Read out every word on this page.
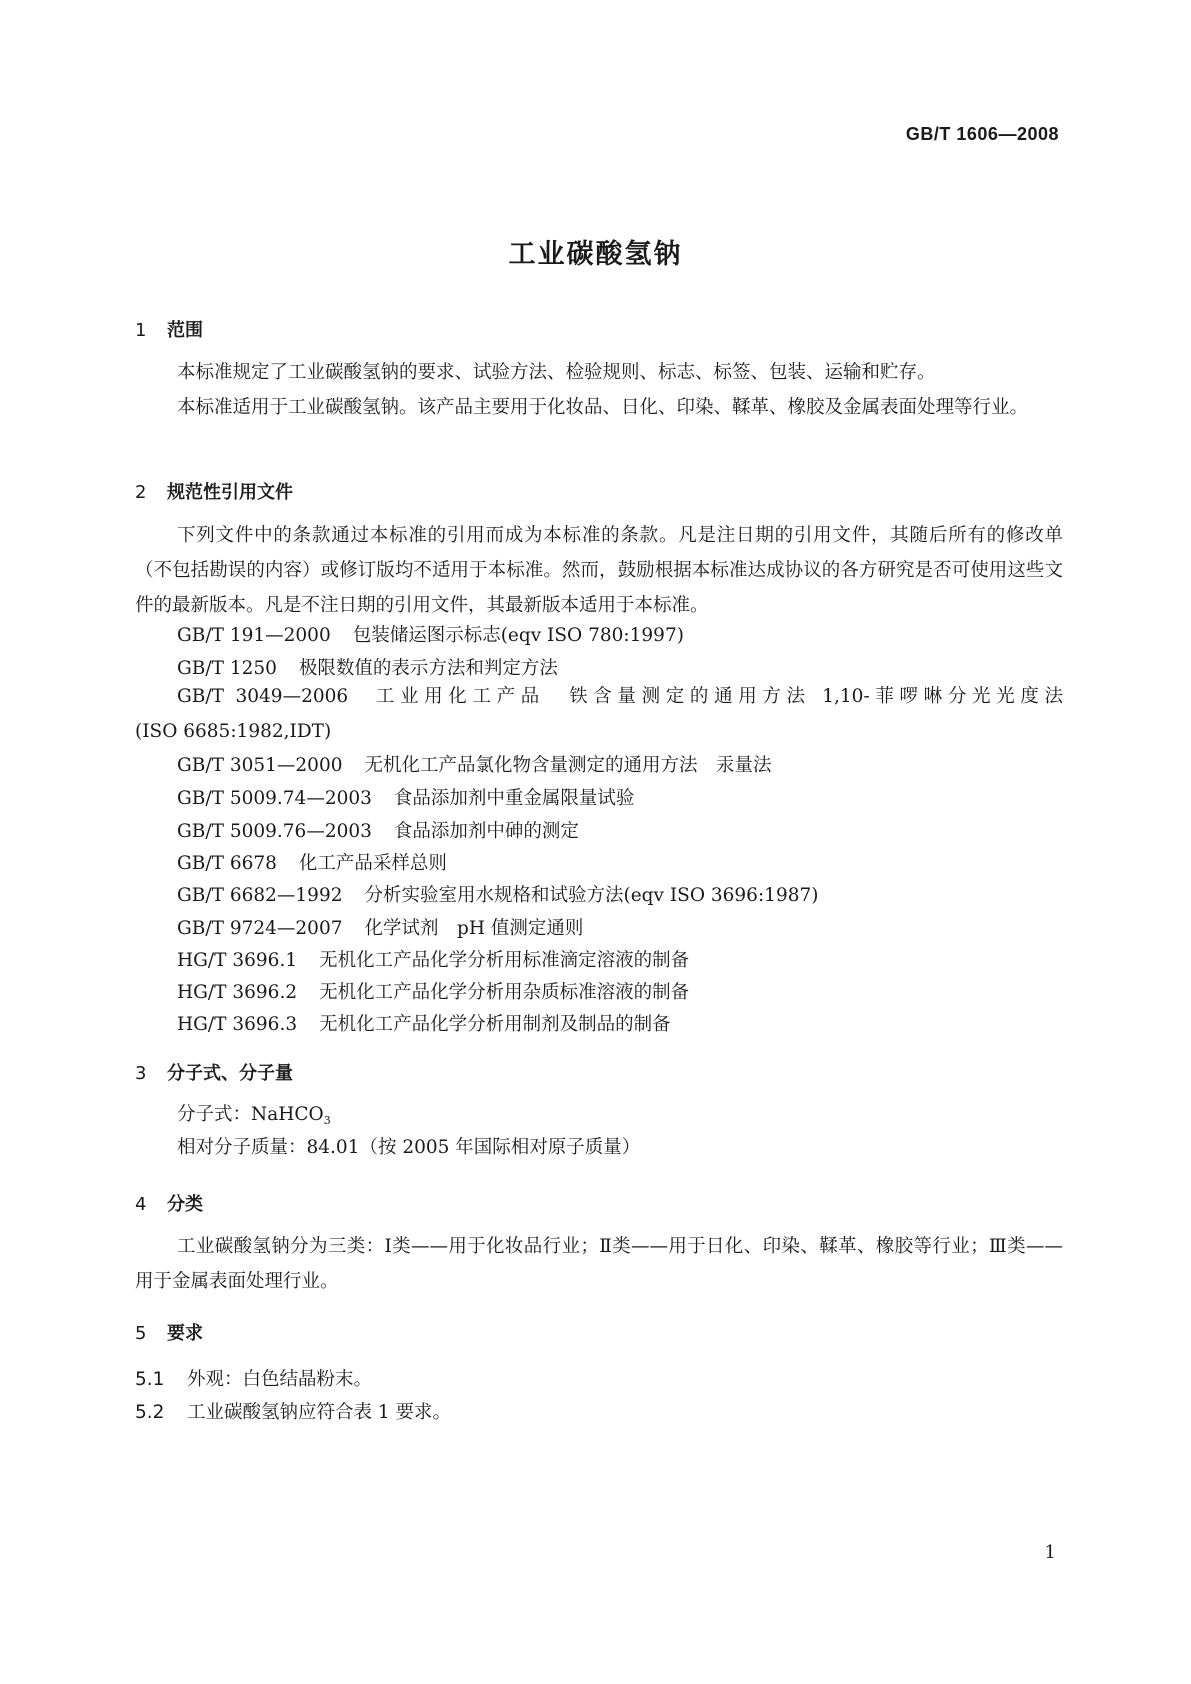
GB/T 1606—2008
工业碳酸氢钠
1 范围
本标准规定了工业碳酸氢钠的要求、试验方法、检验规则、标志、标签、包装、运输和贮存。
本标准适用于工业碳酸氢钠。该产品主要用于化妆品、日化、印染、鞣革、橡胶及金属表面处理等行业。
2 规范性引用文件
下列文件中的条款通过本标准的引用而成为本标准的条款。凡是注日期的引用文件，其随后所有的修改单（不包括勘误的内容）或修订版均不适用于本标准。然而，鼓励根据本标准达成协议的各方研究是否可使用这些文件的最新版本。凡是不注日期的引用文件，其最新版本适用于本标准。
GB/T 191—2000 包装储运图示标志(eqv ISO 780:1997)
GB/T 1250 极限数值的表示方法和判定方法
GB/T 3049—2006 工业用化工产品　铁含量测定的通用方法 1,10-菲啰啉分光光度法
(ISO 6685:1982,IDT)
GB/T 3051—2000 无机化工产品氯化物含量测定的通用方法　汞量法
GB/T 5009.74—2003 食品添加剂中重金属限量试验
GB/T 5009.76—2003 食品添加剂中砷的测定
GB/T 6678 化工产品采样总则
GB/T 6682—1992 分析实验室用水规格和试验方法(eqv ISO 3696:1987)
GB/T 9724—2007 化学试剂　pH 值测定通则
HG/T 3696.1 无机化工产品化学分析用标准滴定溶液的制备
HG/T 3696.2 无机化工产品化学分析用杂质标准溶液的制备
HG/T 3696.3 无机化工产品化学分析用制剂及制品的制备
3 分子式、分子量
分子式：NaHCO$_3$
相对分子质量：84.01（按 2005 年国际相对原子质量）
4 分类
工业碳酸氢钠分为三类：Ⅰ类——用于化妆品行业；Ⅱ类——用于日化、印染、鞣革、橡胶等行业；Ⅲ类——用于金属表面处理行业。
5 要求
5.1 外观：白色结晶粉末。
5.2 工业碳酸氢钠应符合表 1 要求。
1
